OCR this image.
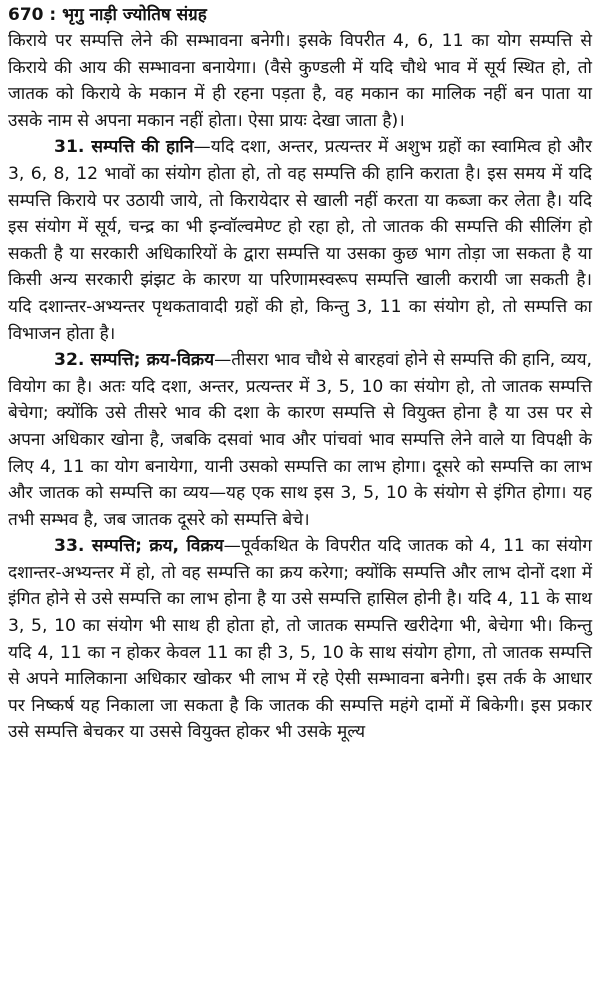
670 : भृगु नाड़ी ज्योतिष संग्रह

किराये पर सम्पत्ति लेने की सम्भावना बनेगी। इसके विपरीत 4, 6, 11 का योग सम्पत्ति से किराये की आय की सम्भावना बनायेगा। (वैसे कुण्डली में यदि चौथे भाव में सूर्य स्थित हो, तो जातक को किराये के मकान में ही रहना पड़ता है, वह मकान का मालिक नहीं बन पाता या उसके नाम से अपना मकान नहीं होता। ऐसा प्रायः देखा जाता है)।

31. सम्पत्ति की हानि—यदि दशा, अन्तर, प्रत्यन्तर में अशुभ ग्रहों का स्वामित्व हो और 3, 6, 8, 12 भावों का संयोग होता हो, तो वह सम्पत्ति की हानि कराता है। इस समय में यदि सम्पत्ति किराये पर उठायी जाये, तो किरायेदार से खाली नहीं करता या कब्जा कर लेता है। यदि इस संयोग में सूर्य, चन्द्र का भी इन्वॉल्वमेण्ट हो रहा हो, तो जातक की सम्पत्ति की सीलिंग हो सकती है या सरकारी अधिकारियों के द्वारा सम्पत्ति या उसका कुछ भाग तोड़ा जा सकता है या किसी अन्य सरकारी झंझट के कारण या परिणामस्वरूप सम्पत्ति खाली करायी जा सकती है। यदि दशान्तर-अभ्यन्तर पृथकतावादी ग्रहों की हो, किन्तु 3, 11 का संयोग हो, तो सम्पत्ति का विभाजन होता है।

32. सम्पत्ति; क्रय-विक्रय—तीसरा भाव चौथे से बारहवां होने से सम्पत्ति की हानि, व्यय, वियोग का है। अतः यदि दशा, अन्तर, प्रत्यन्तर में 3, 5, 10 का संयोग हो, तो जातक सम्पत्ति बेचेगा; क्योंकि उसे तीसरे भाव की दशा के कारण सम्पत्ति से वियुक्त होना है या उस पर से अपना अधिकार खोना है, जबकि दसवां भाव और पांचवां भाव सम्पत्ति लेने वाले या विपक्षी के लिए 4, 11 का योग बनायेगा, यानी उसको सम्पत्ति का लाभ होगा। दूसरे को सम्पत्ति का लाभ और जातक को सम्पत्ति का व्यय—यह एक साथ इस 3, 5, 10 के संयोग से इंगित होगा। यह तभी सम्भव है, जब जातक दूसरे को सम्पत्ति बेचे।

33. सम्पत्ति; क्रय, विक्रय—पूर्वकथित के विपरीत यदि जातक को 4, 11 का संयोग दशान्तर-अभ्यन्तर में हो, तो वह सम्पत्ति का क्रय करेगा; क्योंकि सम्पत्ति और लाभ दोनों दशा में इंगित होने से उसे सम्पत्ति का लाभ होना है या उसे सम्पत्ति हासिल होनी है। यदि 4, 11 के साथ 3, 5, 10 का संयोग भी साथ ही होता हो, तो जातक सम्पत्ति खरीदेगा भी, बेचेगा भी। किन्तु यदि 4, 11 का न होकर केवल 11 का ही 3, 5, 10 के साथ संयोग होगा, तो जातक सम्पत्ति से अपने मालिकाना अधिकार खोकर भी लाभ में रहे ऐसी सम्भावना बनेगी। इस तर्क के आधार पर निष्कर्ष यह निकाला जा सकता है कि जातक की सम्पत्ति महंगे दामों में बिकेगी। इस प्रकार उसे सम्पत्ति बेचकर या उससे वियुक्त होकर भी उसके मूल्य
